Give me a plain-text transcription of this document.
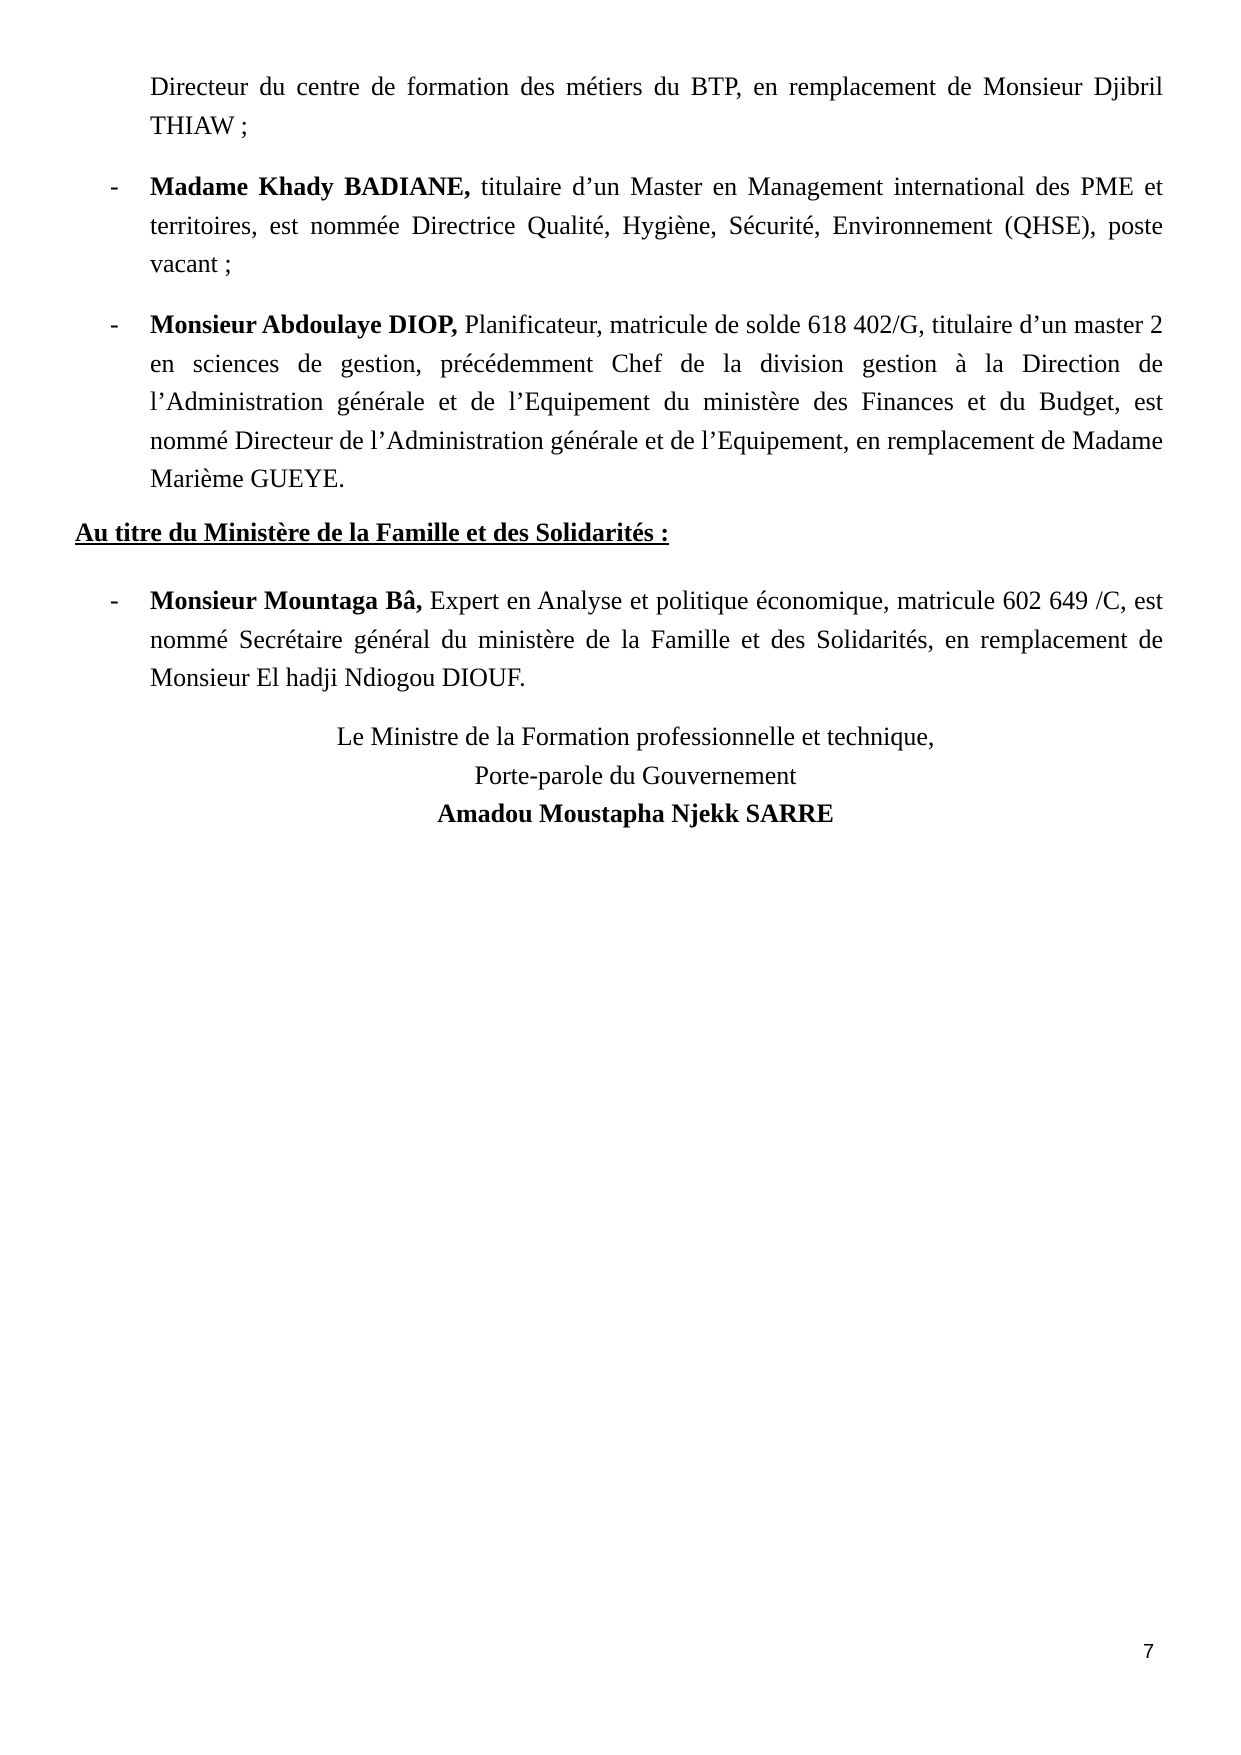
Directeur du centre de formation des métiers du BTP, en remplacement de Monsieur Djibril THIAW ;

- Madame Khady BADIANE, titulaire d’un Master en Management international des PME et territoires, est nommée Directrice Qualité, Hygiène, Sécurité, Environnement (QHSE), poste vacant ;

- Monsieur Abdoulaye DIOP, Planificateur, matricule de solde 618 402/G, titulaire d’un master 2 en sciences de gestion, précédemment Chef de la division gestion à la Direction de l’Administration générale et de l’Equipement du ministère des Finances et du Budget, est nommé Directeur de l’Administration générale et de l’Equipement, en remplacement de Madame Marième GUEYE.

Au titre du Ministère de la Famille et des Solidarités :

- Monsieur Mountaga Bâ, Expert en Analyse et politique économique, matricule 602 649 /C, est nommé Secrétaire général du ministère de la Famille et des Solidarités, en remplacement de Monsieur El hadji Ndiogou DIOUF.

Le Ministre de la Formation professionnelle et technique,
Porte-parole du Gouvernement
Amadou Moustapha Njekk SARRE
7
